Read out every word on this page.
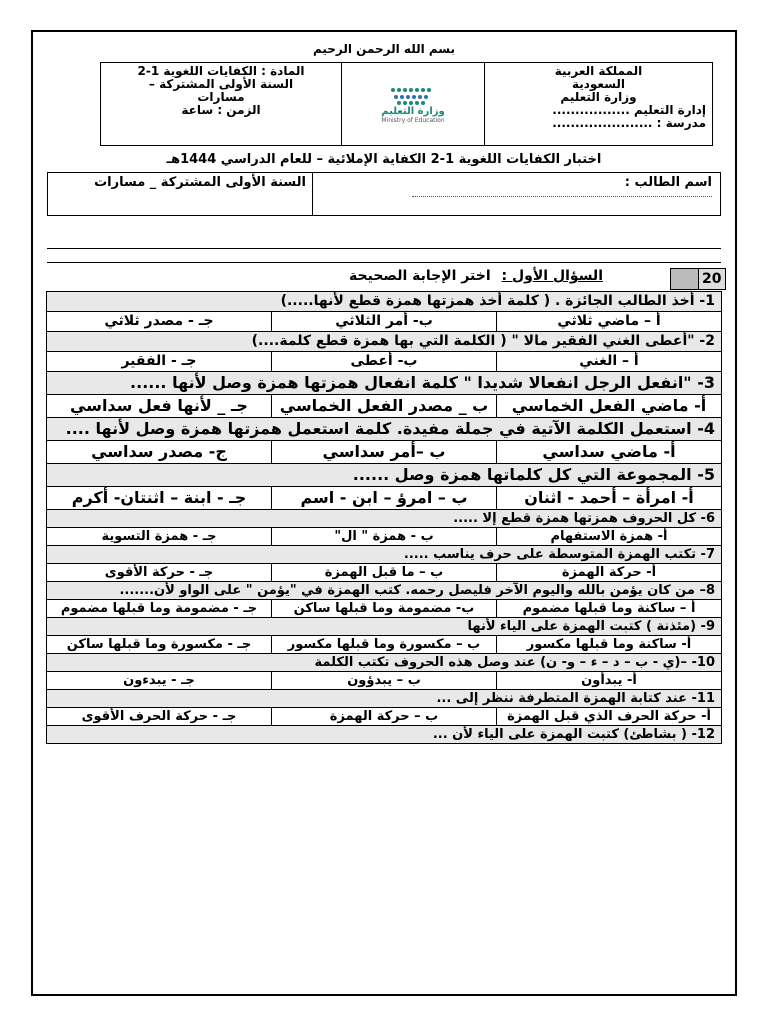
بسم الله الرحمن الرحيم
المملكة العربية
السعودية
وزارة التعليم
إدارة التعليم .................
مدرسة : ......................
وزارة التعليم
Ministry of Education
المادة : الكفايات اللغوية 1-2
السنة الأولى المشتركة –
مسارات
الزمن : ساعة
اختبار الكفايات اللغوية 1-2 الكفاية الإملائية – للعام الدراسي 1444هـ
اسم الطالب :
السنة الأولى المشتركة _ مسارات
20
السؤال الأول : اختر الإجابة الصحيحة
1- أخذ الطالب الجائزة . ( كلمة أخذ همزتها همزة قطع لأنها.....)		
أ – ماضي ثلاثي	ب- أمر الثلاثي	جـ - مصدر ثلاثي
2- "أعطى الغني الفقير مالا " ( الكلمة التي بها همزة قطع كلمة....)		
أ – الغني	ب- أعطى	جـ - الفقير
3- "انفعل الرجل انفعالا شديدا " كلمة انفعال همزتها همزة وصل لأنها ......		
أ- ماضي الفعل الخماسي	ب _ مصدر الفعل الخماسي	جـ _ لأنها فعل سداسي
4- استعمل الكلمة الآتية في جملة مفيدة. كلمة استعمل همزتها همزة وصل لأنها ....		
أ- ماضي سداسي	ب –أمر سداسي	ج- مصدر سداسي
5- المجموعة التي كل كلماتها همزة وصل ......		
أ- امرأة – أحمد - اثنان	ب – امرؤ – ابن - اسم	جـ - ابنة – اثنتان- أكرم
6- كل الحروف همزتها همزة قطع إلا .....		
أ- همزة الاستفهام	ب - همزة " ال"	جـ - همزة التسوية
7- تكتب الهمزة المتوسطة على حرف يناسب .....		
أ- حركة الهمزة	ب – ما قبل الهمزة	جـ - حركة الأقوى
8– من كان يؤمن بالله واليوم الآخر فليصل رحمه. كتب الهمزة في "يؤمن " على الواو لأن.......		
أ – ساكنة وما قبلها مضموم	ب- مضمومة وما قبلها ساكن	جـ - مضمومة وما قبلها مضموم
9- (مئذنة ) كتبت الهمزة على الياء لأنها		
أ- ساكنة وما قبلها مكسور	ب – مكسورة وما قبلها مكسور	جـ - مكسورة وما قبلها ساكن
10- –(ي - ب – د – ء – و- ن) عند وصل هذه الحروف تكتب الكلمة		
أ- يبدأون	ب – يبدؤون	جـ - يبدءون
11- عند كتابة الهمزة المتطرفة ننظر إلى ...		
أ- حركة الحرف الذي قبل الهمزة	ب – حركة الهمزة	جـ - حركة الحرف الأقوى
12- ( بشاطئ) كتبت الهمزة على الياء لأن ...		
